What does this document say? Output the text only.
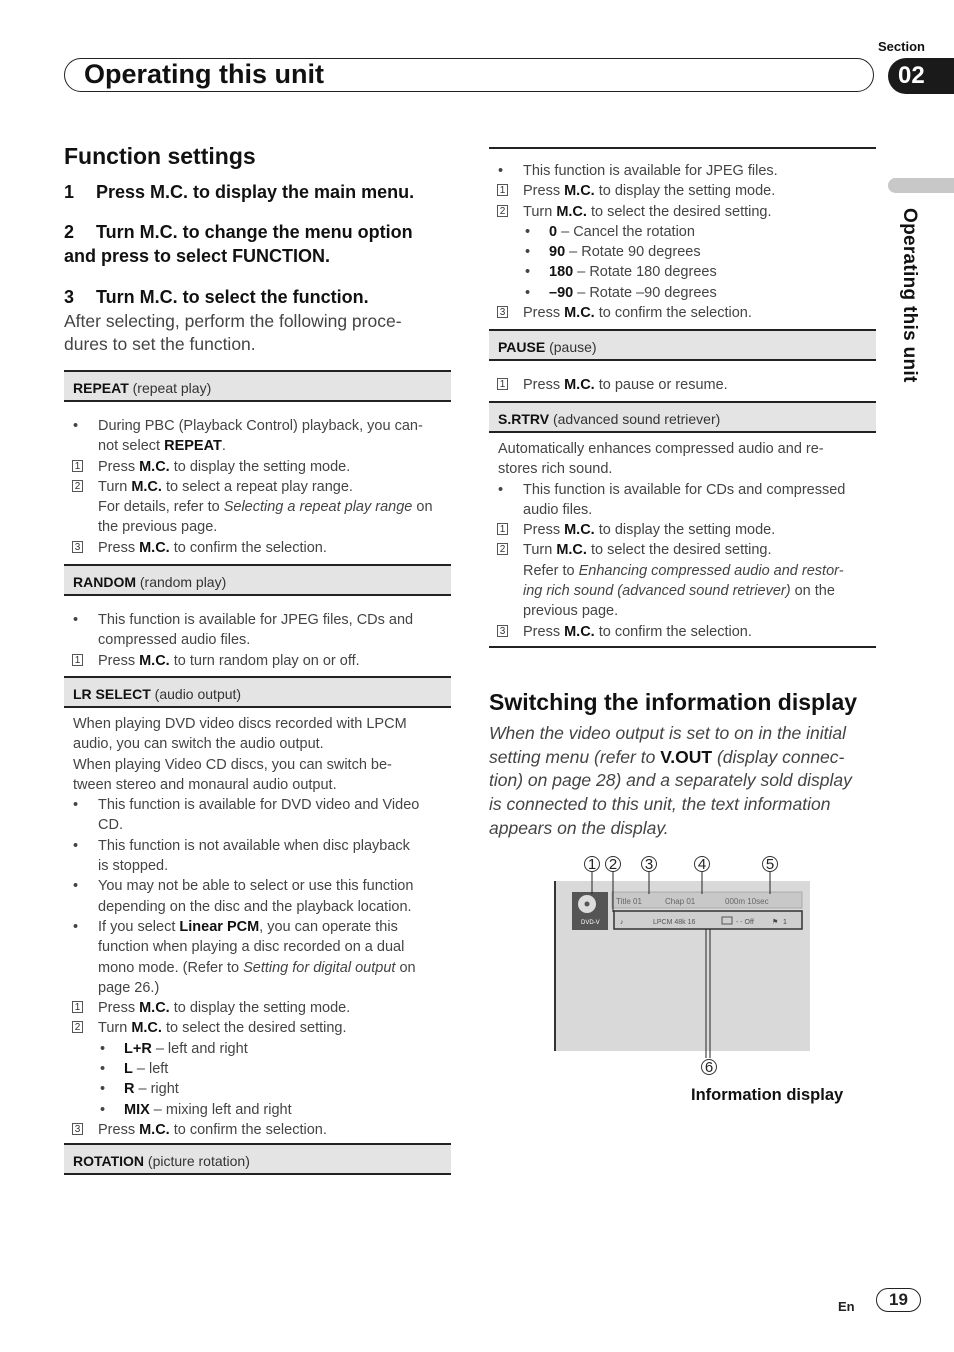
Section
Operating this unit	02
Operating this unit
Function settings
1 Press M.C. to display the main menu.
2 Turn M.C. to change the menu option
and press to select FUNCTION.
3 Turn M.C. to select the function.
After selecting, perform the following proce-
dures to set the function.
REPEAT (repeat play)
• During PBC (Playback Control) playback, you can-
not select REPEAT.
1 Press M.C. to display the setting mode.
2 Turn M.C. to select a repeat play range.
For details, refer to Selecting a repeat play range on
the previous page.
3 Press M.C. to confirm the selection.
RANDOM (random play)
• This function is available for JPEG files, CDs and
compressed audio files.
1 Press M.C. to turn random play on or off.
LR SELECT (audio output)
When playing DVD video discs recorded with LPCM
audio, you can switch the audio output.
When playing Video CD discs, you can switch be-
tween stereo and monaural audio output.
• This function is available for DVD video and Video
CD.
• This function is not available when disc playback
is stopped.
• You may not be able to select or use this function
depending on the disc and the playback location.
• If you select Linear PCM, you can operate this
function when playing a disc recorded on a dual
mono mode. (Refer to Setting for digital output on
page 26.)
1 Press M.C. to display the setting mode.
2 Turn M.C. to select the desired setting.
• L+R – left and right
• L – left
• R – right
• MIX – mixing left and right
3 Press M.C. to confirm the selection.
ROTATION (picture rotation)
• This function is available for JPEG files.
1 Press M.C. to display the setting mode.
2 Turn M.C. to select the desired setting.
• 0 – Cancel the rotation
• 90 – Rotate 90 degrees
• 180 – Rotate 180 degrees
• –90 – Rotate –90 degrees
3 Press M.C. to confirm the selection.
PAUSE (pause)
1 Press M.C. to pause or resume.
S.RTRV (advanced sound retriever)
Automatically enhances compressed audio and re-
stores rich sound.
• This function is available for CDs and compressed
audio files.
1 Press M.C. to display the setting mode.
2 Turn M.C. to select the desired setting.
Refer to Enhancing compressed audio and restor-
ing rich sound (advanced sound retriever) on the
previous page.
3 Press M.C. to confirm the selection.
Switching the information display
When the video output is set to on in the initial
setting menu (refer to V.OUT (display connec-
tion) on page 28) and a separately sold display
is connected to this unit, the text information
appears on the display.
1 2 3	4	5
6
DVD-V
Title 01	Chap 01	000m 10sec
♪	LPCM 48k 16	- - Off	⚑ 1
Information display
En	19
